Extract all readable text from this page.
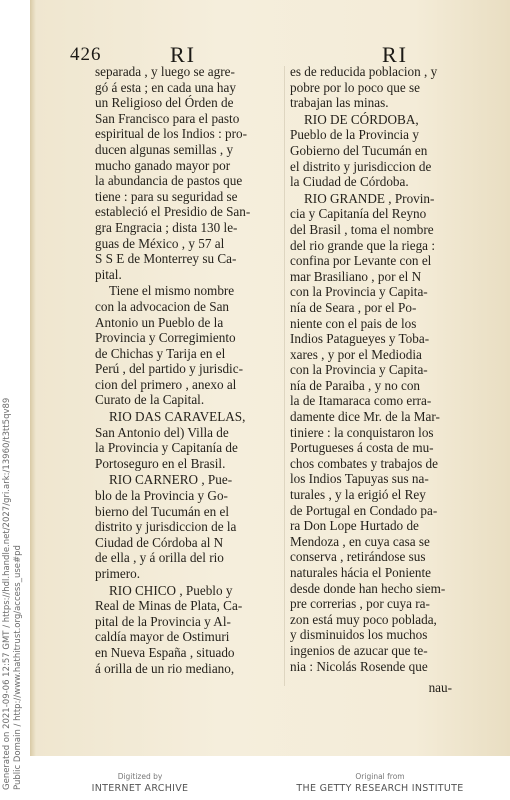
426	RI	RI

separada , y luego se agre-

gó á esta ; en cada una hay

un Religioso del Órden de

San Francisco para el pasto

espiritual de los Indios : pro-

ducen algunas semillas , y

mucho ganado mayor por

la abundancia de pastos que

tiene : para su seguridad se

estableció el Presidio de San-

gra Engracia ; dista 130 le-

guas de México , y 57 al

S S E de Monterrey su Ca-

pital.

Tiene el mismo nombre

con la advocacion de San

Antonio un Pueblo de la

Provincia y Corregimiento

de Chichas y Tarija en el

Perú , del partido y jurisdic-

cion del primero , anexo al

Curato de la Capital.

RIO DAS CARAVELAS,

San Antonio del) Villa de

la Provincia y Capitanía de

Portoseguro en el Brasil.

RIO CARNERO , Pue-

blo de la Provincia y Go-

bierno del Tucumán en el

distrito y jurisdiccion de la

Ciudad de Córdoba al N

de ella , y á orilla del rio

primero.

RIO CHICO , Pueblo y

Real de Minas de Plata, Ca-

pital de la Provincia y Al-

caldía mayor de Ostimuri

en Nueva España , situado

á orilla de un rio mediano,

es de reducida poblacion , y

pobre por lo poco que se

trabajan las minas.

RIO DE CÓRDOBA,

Pueblo de la Provincia y

Gobierno del Tucumán en

el distrito y jurisdiccion de

la Ciudad de Córdoba.

RIO GRANDE , Provin-

cia y Capitanía del Reyno

del Brasil , toma el nombre

del rio grande que la riega :

confina por Levante con el

mar Brasiliano , por el N

con la Provincia y Capita-

nía de Seara , por el Po-

niente con el pais de los

Indios Patagueyes y Toba-

xares , y por el Mediodia

con la Provincia y Capita-

nía de Paraiba , y no con

la de Itamaraca como erra-

damente dice Mr. de la Mar-

tiniere : la conquistaron los

Portugueses á costa de mu-

chos combates y trabajos de

los Indios Tapuyas sus na-

turales , y la erigió el Rey

de Portugal en Condado pa-

ra Don Lope Hurtado de

Mendoza , en cuya casa se

conserva , retirándose sus

naturales hácia el Poniente

desde donde han hecho siem-

pre correrias , por cuya ra-

zon está muy poco poblada,

y disminuidos los muchos

ingenios de azucar que te-

nia : Nicolás Rosende que

nau-
Generated on 2021-09-06 12:57 GMT / https://hdl.handle.net/2027/gri.ark:/13960/t3tt5qv89 Public Domain / http://www.hathitrust.org/access_use#pd	Digitized by
INTERNET ARCHIVE
Original from
THE GETTY RESEARCH INSTITUTE
